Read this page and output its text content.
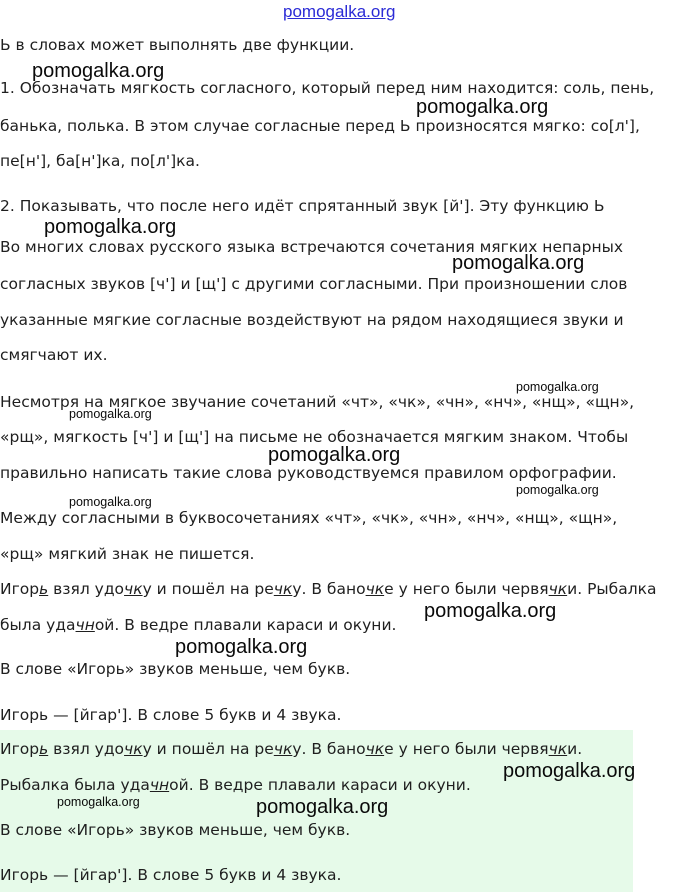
Ь в словах может выполнять две функции.
1. Обозначать мягкость согласного, который перед ним находится: соль, пень,
банька, полька. В этом случае согласные перед Ь произносятся мягко: со[л'],
пе[н'], ба[н']ка, по[л']ка.
2. Показывать, что после него идёт спрятанный звук [й']. Эту функцию Ь
Во многих словах русского языка встречаются сочетания мягких непарных
согласных звуков [ч'] и [щ'] с другими согласными. При произношении слов
указанные мягкие согласные воздействуют на рядом находящиеся звуки и
смягчают их.
Несмотря на мягкое звучание сочетаний «чт», «чк», «чн», «нч», «нщ», «щн»,
«рщ», мягкость [ч'] и [щ'] на письме не обозначается мягким знаком. Чтобы
правильно написать такие слова руководствуемся правилом орфографии.
Между согласными в буквосочетаниях «чт», «чк», «чн», «нч», «нщ», «щн»,
«рщ» мягкий знак не пишется.
Игорь взял удочку и пошёл на речку. В баночке у него были червячки. Рыбалка
была удачной. В ведре плавали караси и окуни.
В слове «Игорь» звуков меньше, чем букв.
Игорь — [йгар']. В слове 5 букв и 4 звука.
Игорь взял удочку и пошёл на речку. В баночке у него были червячки.
Рыбалка была удачной. В ведре плавали караси и окуни.
В слове «Игорь» звуков меньше, чем букв.
Игорь — [йгар']. В слове 5 букв и 4 звука.
pomogalka.org
pomogalka.org
pomogalka.org
pomogalka.org
pomogalka.org
pomogalka.org
pomogalka.org
pomogalka.org
pomogalka.org
pomogalka.org
pomogalka.org
pomogalka.org
pomogalka.org
pomogalka.org	pomogalka.org
